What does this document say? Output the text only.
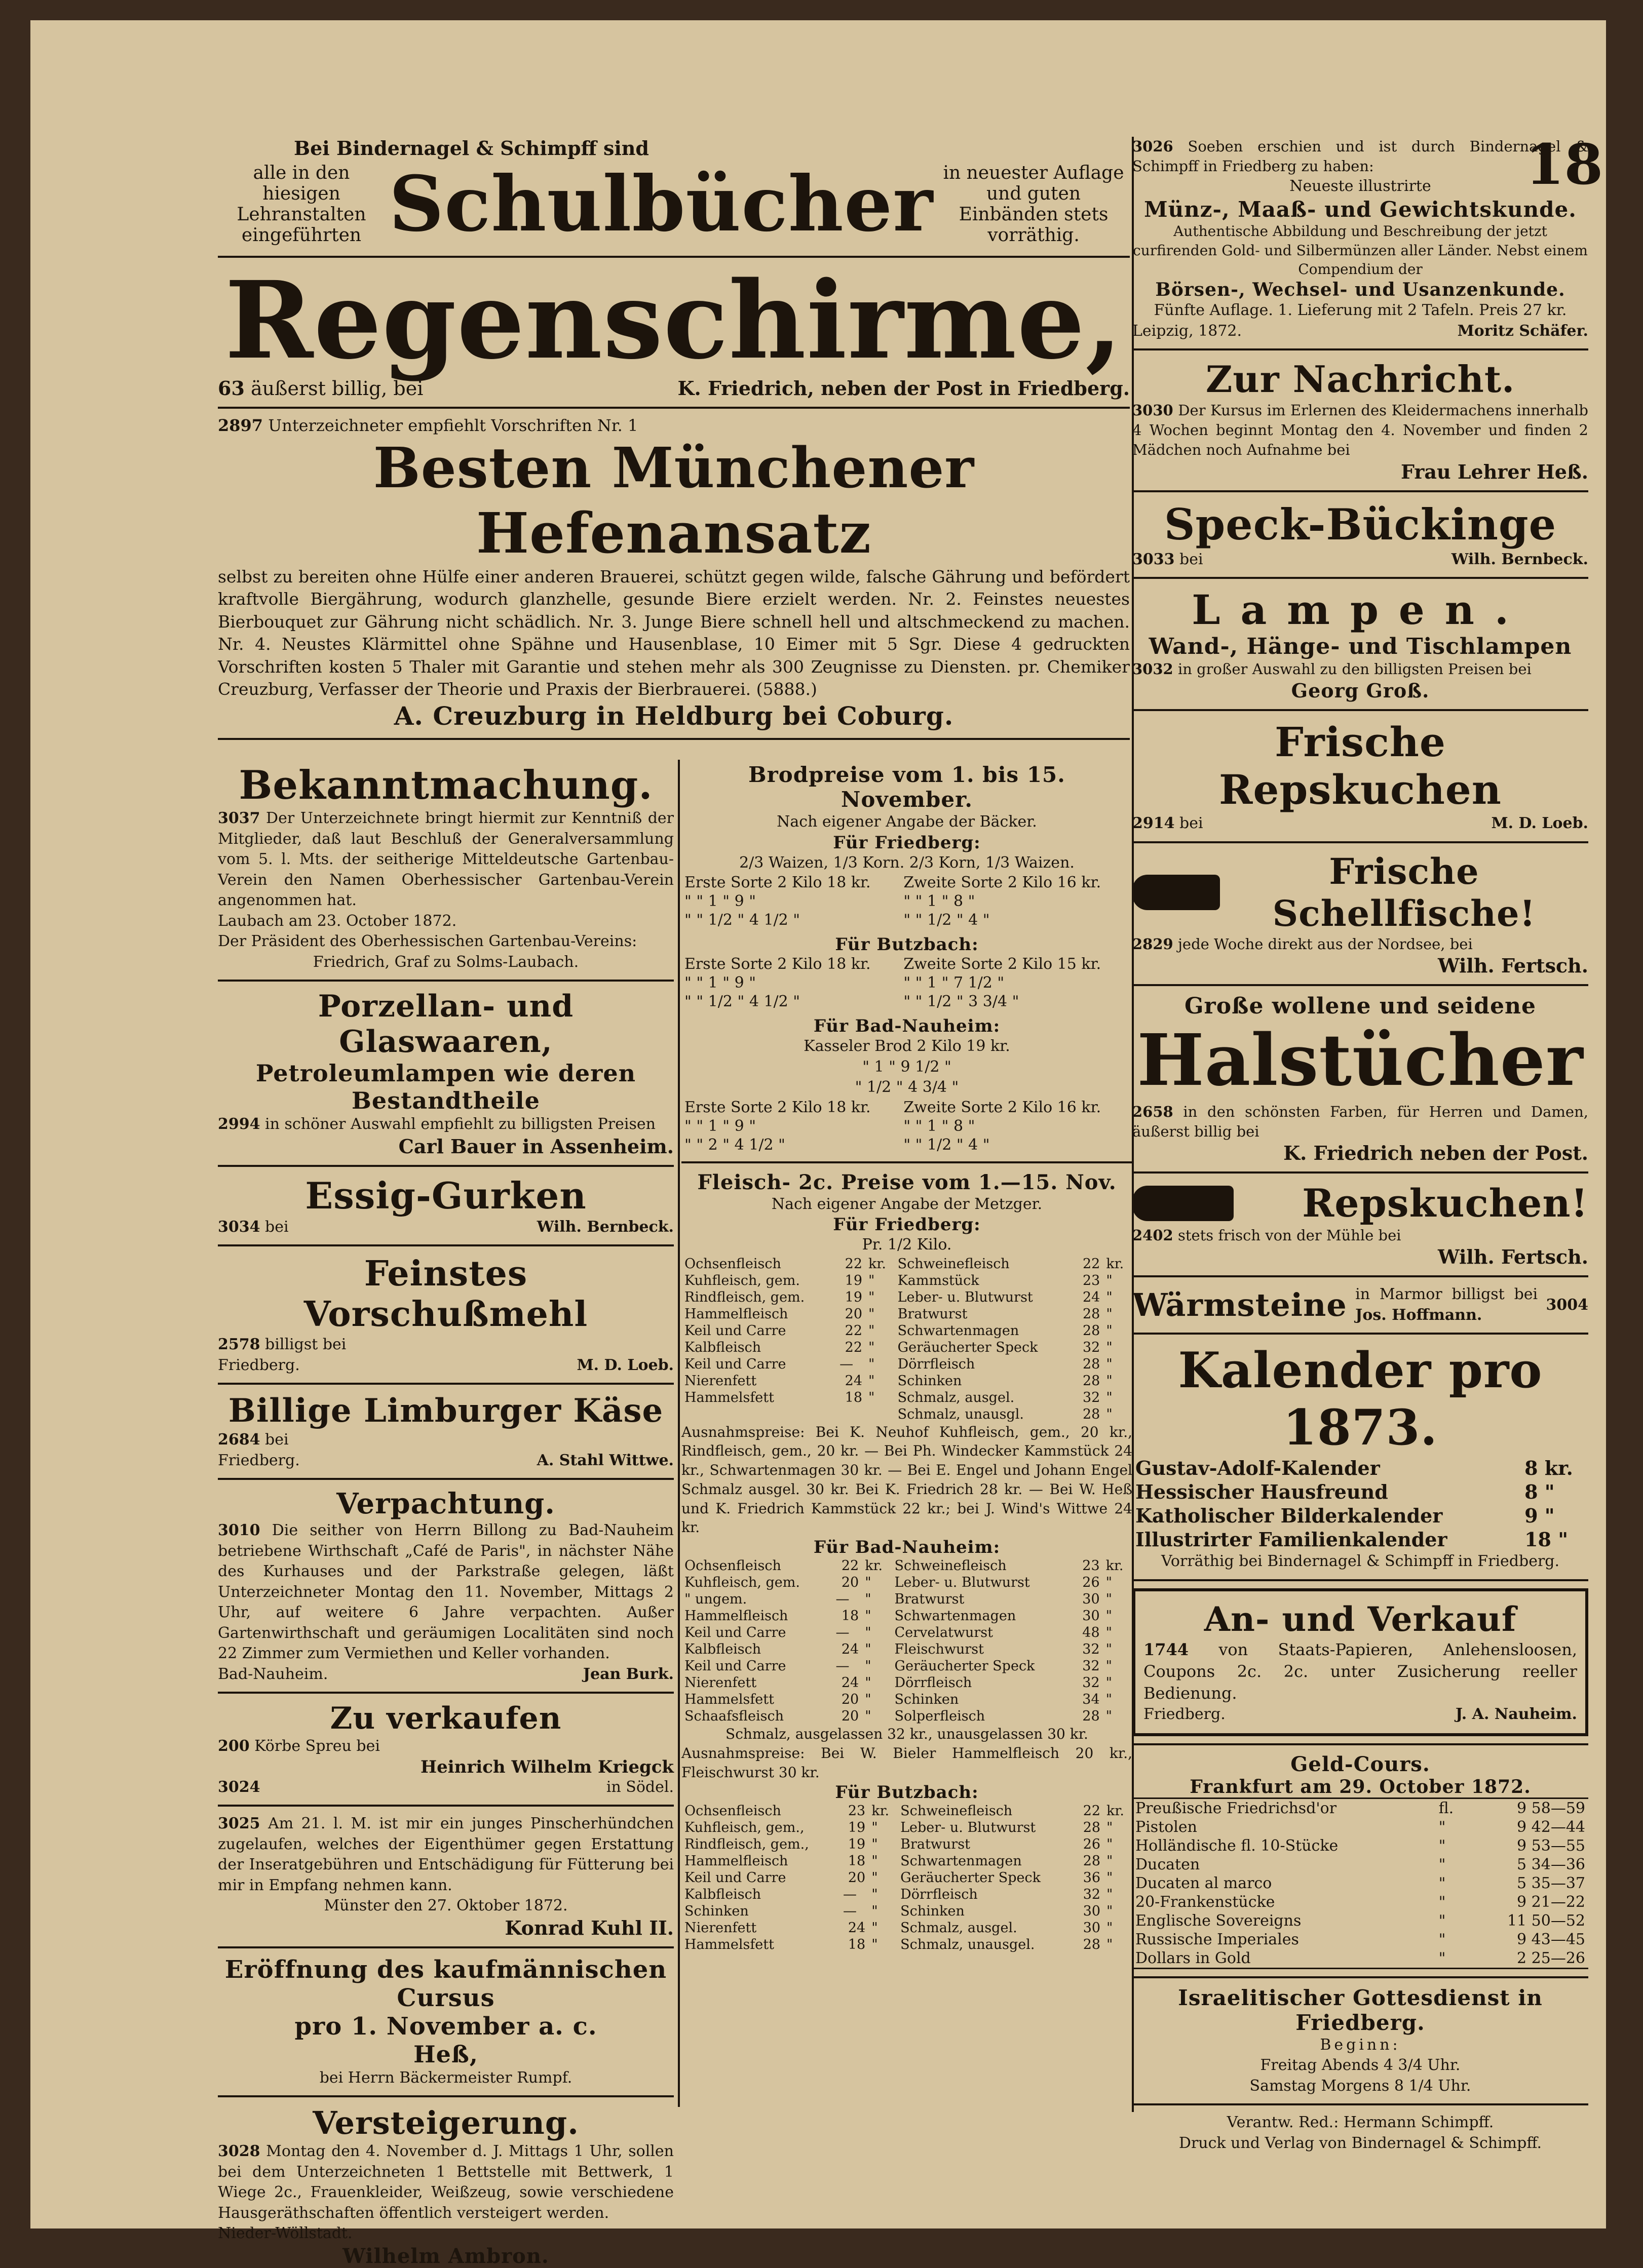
18
Bei Bindernagel & Schimpff sind
alle in den hiesigen Lehranstalten eingeführten Schulbücher in neuester Auflage und guten Einbänden stets vorräthig.
Regenschirme,
63 äußerst billig, bei	K. Friedrich, neben der Post in Friedberg.
2897 Unterzeichneter empfiehlt Vorschriften Nr. 1
Besten Münchener Hefenansatz
selbst zu bereiten ohne Hülfe einer anderen Brauerei, schützt gegen wilde, falsche Gährung und befördert kraftvolle Biergährung, wodurch glanzhelle, gesunde Biere erzielt werden. Nr. 2. Feinstes neuestes Bierbouquet zur Gährung nicht schädlich. Nr. 3. Junge Biere schnell hell und altschmeckend zu machen. Nr. 4. Neustes Klärmittel ohne Spähne und Hausenblase, 10 Eimer mit 5 Sgr. Diese 4 gedruckten Vorschriften kosten 5 Thaler mit Garantie und stehen mehr als 300 Zeugnisse zu Diensten. pr. Chemiker Creuzburg, Verfasser der Theorie und Praxis der Bierbrauerei. (5888.)
A. Creuzburg in Heldburg bei Coburg.
Bekanntmachung.
3037 Der Unterzeichnete bringt hiermit zur Kenntniß der Mitglieder, daß laut Beschluß der Generalversammlung vom 5. l. Mts. der seitherige Mitteldeutsche Gartenbau-Verein den Namen Oberhessischer Gartenbau-Verein angenommen hat.
Laubach am 23. October 1872.
Der Präsident des Oberhessischen Gartenbau-Vereins:
Friedrich, Graf zu Solms-Laubach.
Porzellan- und Glaswaaren,
Petroleumlampen wie deren Bestandtheile
2994 in schöner Auswahl empfiehlt zu billigsten Preisen
Carl Bauer in Assenheim.
Essig-Gurken
3034 bei	Wilh. Bernbeck.
Feinstes Vorschußmehl
2578 billigst bei
Friedberg.	M. D. Loeb.
Billige Limburger Käse
2684 bei
Friedberg.	A. Stahl Wittwe.
Verpachtung.
3010 Die seither von Herrn Billong zu Bad-Nauheim betriebene Wirthschaft „Café de Paris", in nächster Nähe des Kurhauses und der Parkstraße gelegen, läßt Unterzeichneter Montag den 11. November, Mittags 2 Uhr, auf weitere 6 Jahre verpachten. Außer Gartenwirthschaft und geräumigen Localitäten sind noch 22 Zimmer zum Vermiethen und Keller vorhanden.
Bad-Nauheim.	Jean Burk.
Zu verkaufen
200 Körbe Spreu bei
Heinrich Wilhelm Kriegck
3024	in Södel.
3025 Am 21. l. M. ist mir ein junges Pinscherhündchen zugelaufen, welches der Eigenthümer gegen Erstattung der Inseratgebühren und Entschädigung für Fütterung bei mir in Empfang nehmen kann.
Münster den 27. Oktober 1872.
Konrad Kuhl II.
Eröffnung des kaufmännischen Cursus
pro 1. November a. c.
Heß,
bei Herrn Bäckermeister Rumpf.
Versteigerung.
3028 Montag den 4. November d. J. Mittags 1 Uhr, sollen bei dem Unterzeichneten 1 Bettstelle mit Bettwerk, 1 Wiege 2c., Frauenkleider, Weißzeug, sowie verschiedene Hausgeräthschaften öffentlich versteigert werden.
Nieder-Wöllstadt.
Wilhelm Ambron.
Brodpreise vom 1. bis 15. November.
Nach eigener Angabe der Bäcker.
Für Friedberg:
2/3 Waizen, 1/3 Korn. 2/3 Korn, 1/3 Waizen.
Erste Sorte 2 Kilo 18 kr.	Zweite Sorte 2 Kilo 16 kr.
" " 1 " 9 "	" " 1 " 8 "
" " 1/2 " 4 1/2 "	" " 1/2 " 4 "
Für Butzbach:
Erste Sorte 2 Kilo 18 kr.	Zweite Sorte 2 Kilo 15 kr.
" " 1 " 9 "	" " 1 " 7 1/2 "
" " 1/2 " 4 1/2 "	" " 1/2 " 3 3/4 "
Für Bad-Nauheim:
Kasseler Brod 2 Kilo 19 kr.
" 1 " 9 1/2 "
" 1/2 " 4 3/4 "
Erste Sorte 2 Kilo 18 kr.	Zweite Sorte 2 Kilo 16 kr.
" " 1 " 9 "	" " 1 " 8 "
" " 2 " 4 1/2 "	" " 1/2 " 4 "
Fleisch- 2c. Preise vom 1.—15. Nov.
Nach eigener Angabe der Metzger.
Für Friedberg:
Pr. 1/2 Kilo.
Ochsenfleisch	22	kr.	Schweinefleisch	22	kr.
Kuhfleisch, gem.	19	"	Kammstück	23	"
Rindfleisch, gem.	19	"	Leber- u. Blutwurst	24	"
Hammelfleisch	20	"	Bratwurst	28	"
Keil und Carre	22	"	Schwartenmagen	28	"
Kalbfleisch	22	"	Geräucherter Speck	32	"
Keil und Carre	—	"	Dörrfleisch	28	"
Nierenfett	24	"	Schinken	28	"
Hammelsfett	18	"	Schmalz, ausgel.	32	"
			Schmalz, unausgl.	28	"
Ausnahmspreise: Bei K. Neuhof Kuhfleisch, gem., 20 kr., Rindfleisch, gem., 20 kr. — Bei Ph. Windecker Kammstück 24 kr., Schwartenmagen 30 kr. — Bei E. Engel und Johann Engel Schmalz ausgel. 30 kr. Bei K. Friedrich 28 kr. — Bei W. Heß und K. Friedrich Kammstück 22 kr.; bei J. Wind's Wittwe 24 kr.
Für Bad-Nauheim:
Ochsenfleisch	22	kr.	Schweinefleisch	23	kr.
Kuhfleisch, gem.	20	"	Leber- u. Blutwurst	26	"
" ungem.	—	"	Bratwurst	30	"
Hammelfleisch	18	"	Schwartenmagen	30	"
Keil und Carre	—	"	Cervelatwurst	48	"
Kalbfleisch	24	"	Fleischwurst	32	"
Keil und Carre	—	"	Geräucherter Speck	32	"
Nierenfett	24	"	Dörrfleisch	32	"
Hammelsfett	20	"	Schinken	34	"
Schaafsfleisch	20	"	Solperfleisch	28	"
Schmalz, ausgelassen 32 kr., unausgelassen 30 kr.
Ausnahmspreise: Bei W. Bieler Hammelfleisch 20 kr., Fleischwurst 30 kr.
Für Butzbach:
Ochsenfleisch	23	kr.	Schweinefleisch	22	kr.
Kuhfleisch, gem.,	19	"	Leber- u. Blutwurst	28	"
Rindfleisch, gem.,	19	"	Bratwurst	26	"
Hammelfleisch	18	"	Schwartenmagen	28	"
Keil und Carre	20	"	Geräucherter Speck	36	"
Kalbfleisch	—	"	Dörrfleisch	32	"
Schinken	—	"	Schinken	30	"
Nierenfett	24	"	Schmalz, ausgel.	30	"
Hammelsfett	18	"	Schmalz, unausgel.	28	"
3026 Soeben erschien und ist durch Bindernagel & Schimpff in Friedberg zu haben:
Neueste illustrirte
Münz-, Maaß- und Gewichtskunde.
Authentische Abbildung und Beschreibung der jetzt curfirenden Gold- und Silbermünzen aller Länder. Nebst einem Compendium der
Börsen-, Wechsel- und Usanzenkunde.
Fünfte Auflage. 1. Lieferung mit 2 Tafeln. Preis 27 kr.
Leipzig, 1872.	Moritz Schäfer.
Zur Nachricht.
3030 Der Kursus im Erlernen des Kleidermachens innerhalb 4 Wochen beginnt Montag den 4. November und finden 2 Mädchen noch Aufnahme bei
Frau Lehrer Heß.
Speck-Bückinge
3033 bei	Wilh. Bernbeck.
Lampen.
Wand-, Hänge- und Tischlampen
3032 in großer Auswahl zu den billigsten Preisen bei
Georg Groß.
Frische Repskuchen
2914 bei	M. D. Loeb.
Frische Schellfische!
2829 jede Woche direkt aus der Nordsee, bei
Wilh. Fertsch.
Große wollene und seidene
Halstücher
2658 in den schönsten Farben, für Herren und Damen, äußerst billig bei
K. Friedrich neben der Post.
Repskuchen!
2402 stets frisch von der Mühle bei
Wilh. Fertsch.
Wärmsteine in Marmor billigst bei Jos. Hoffmann.
3004
Kalender pro 1873.
Gustav-Adolf-Kalender	8 kr.
Hessischer Hausfreund	8 "
Katholischer Bilderkalender	9 "
Illustrirter Familienkalender	18 "
Vorräthig bei Bindernagel & Schimpff in Friedberg.
An- und Verkauf
1744 von Staats-Papieren, Anlehensloosen, Coupons 2c. 2c. unter Zusicherung reeller Bedienung.
Friedberg.	J. A. Nauheim.
Geld-Cours.
Frankfurt am 29. October 1872.
Preußische Friedrichsd'or	fl.	9 58—59
Pistolen	"	9 42—44
Holländische fl. 10-Stücke	"	9 53—55
Ducaten	"	5 34—36
Ducaten al marco	"	5 35—37
20-Frankenstücke	"	9 21—22
Englische Sovereigns	"	11 50—52
Russische Imperiales	"	9 43—45
Dollars in Gold	"	2 25—26
Israelitischer Gottesdienst in Friedberg.
Beginn:
Freitag Abends 4 3/4 Uhr.
Samstag Morgens 8 1/4 Uhr.
Verantw. Red.: Hermann Schimpff.
Druck und Verlag von Bindernagel & Schimpff.
